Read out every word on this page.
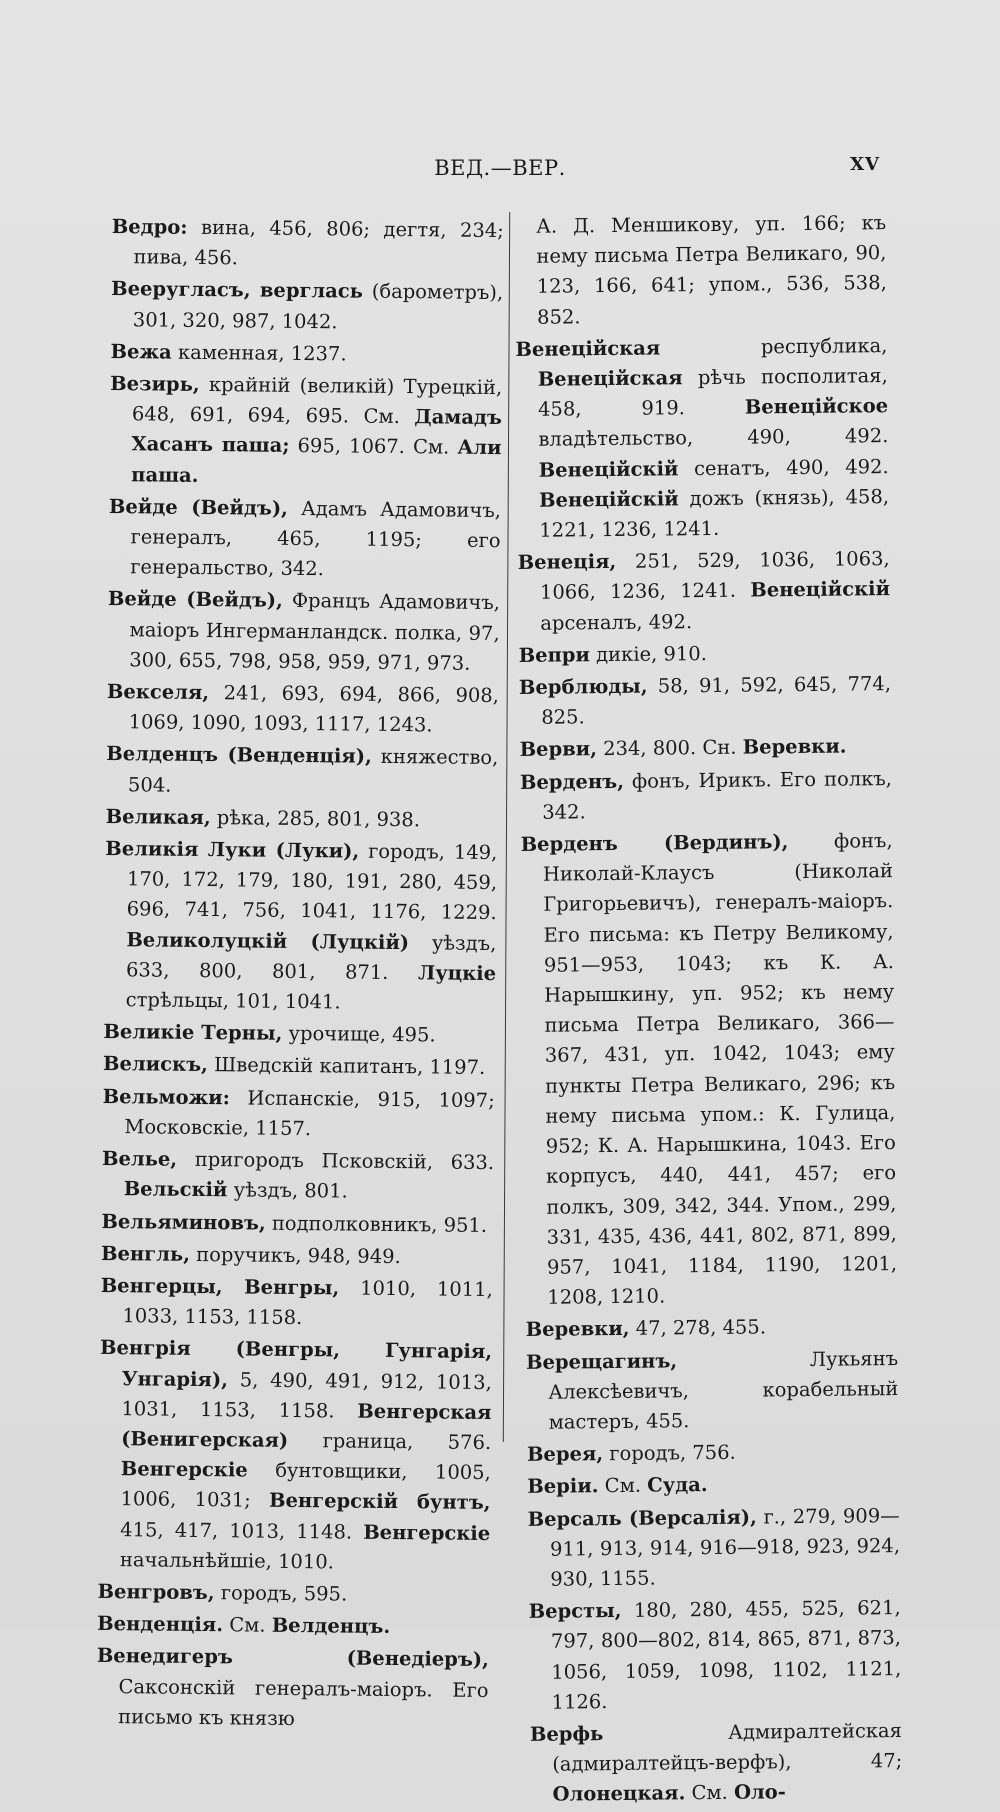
ВЕД.—ВЕР.	XV
Ведро: вина, 456, 806; дегтя, 234; пива, 456.
Вееругласъ, верглась (барометръ), 301, 320, 987, 1042.
Вежа каменная, 1237.
Везирь, крайній (великій) Турецкій, 648, 691, 694, 695. См. Дамадъ Хасанъ паша; 695, 1067. См. Али паша.
Вейде (Вейдъ), Адамъ Адамовичъ, генералъ, 465, 1195; его генеральство, 342.
Вейде (Вейдъ), Францъ Адамовичъ, маіоръ Ингерманландск. полка, 97, 300, 655, 798, 958, 959, 971, 973.
Векселя, 241, 693, 694, 866, 908, 1069, 1090, 1093, 1117, 1243.
Велденцъ (Венденція), княжество, 504.
Великая, рѣка, 285, 801, 938.
Великія Луки (Луки), городъ, 149, 170, 172, 179, 180, 191, 280, 459, 696, 741, 756, 1041, 1176, 1229. Великолуцкій (Луцкій) уѣздъ, 633, 800, 801, 871. Луцкіе стрѣльцы, 101, 1041.
Великіе Терны, урочище, 495.
Велискъ, Шведскій капитанъ, 1197.
Вельможи: Испанскіе, 915, 1097; Московскіе, 1157.
Велье, пригородъ Псковскій, 633. Вельскій уѣздъ, 801.
Вельяминовъ, подполковникъ, 951.
Венгль, поручикъ, 948, 949.
Венгерцы, Венгры, 1010, 1011, 1033, 1153, 1158.
Венгрія (Венгры, Гунгарія, Унгарія), 5, 490, 491, 912, 1013, 1031, 1153, 1158. Венгерская (Венигерская) граница, 576. Венгерскіе бунтовщики, 1005, 1006, 1031; Венгерскій бунтъ, 415, 417, 1013, 1148. Венгерскіе начальнѣйшіе, 1010.
Венгровъ, городъ, 595.
Венденція. См. Велденцъ.
Венедигеръ (Венедіеръ), Саксонскій генералъ-маіоръ. Его письмо къ князю
А. Д. Меншикову, уп. 166; къ нему письма Петра Великаго, 90, 123, 166, 641; упом., 536, 538, 852.
Венеційская республика, Венеційская рѣчь посполитая, 458, 919. Венеційское владѣтельство, 490, 492. Венеційскій сенатъ, 490, 492. Венеційскій дожъ (князь), 458, 1221, 1236, 1241.
Венеція, 251, 529, 1036, 1063, 1066, 1236, 1241. Венеційскій арсеналъ, 492.
Вепри дикіе, 910.
Верблюды, 58, 91, 592, 645, 774, 825.
Верви, 234, 800. Сн. Веревки.
Верденъ, фонъ, Ирикъ. Его полкъ, 342.
Верденъ (Вердинъ), фонъ, Николай-Клаусъ (Николай Григорьевичъ), генералъ-маіоръ. Его письма: къ Петру Великому, 951—953, 1043; къ К. А. Нарышкину, уп. 952; къ нему письма Петра Великаго, 366—367, 431, уп. 1042, 1043; ему пункты Петра Великаго, 296; къ нему письма упом.: К. Гулица, 952; К. А. Нарышкина, 1043. Его корпусъ, 440, 441, 457; его полкъ, 309, 342, 344. Упом., 299, 331, 435, 436, 441, 802, 871, 899, 957, 1041, 1184, 1190, 1201, 1208, 1210.
Веревки, 47, 278, 455.
Верещагинъ, Лукьянъ Алексѣевичъ, корабельный мастеръ, 455.
Верея, городъ, 756.
Веріи. См. Суда.
Версаль (Версалія), г., 279, 909—911, 913, 914, 916—918, 923, 924, 930, 1155.
Версты, 180, 280, 455, 525, 621, 797, 800—802, 814, 865, 871, 873, 1056, 1059, 1098, 1102, 1121, 1126.
Верфь Адмиралтейская (адмиралтейцъ-верфъ), 47; Олонецкая. См. Оло-
